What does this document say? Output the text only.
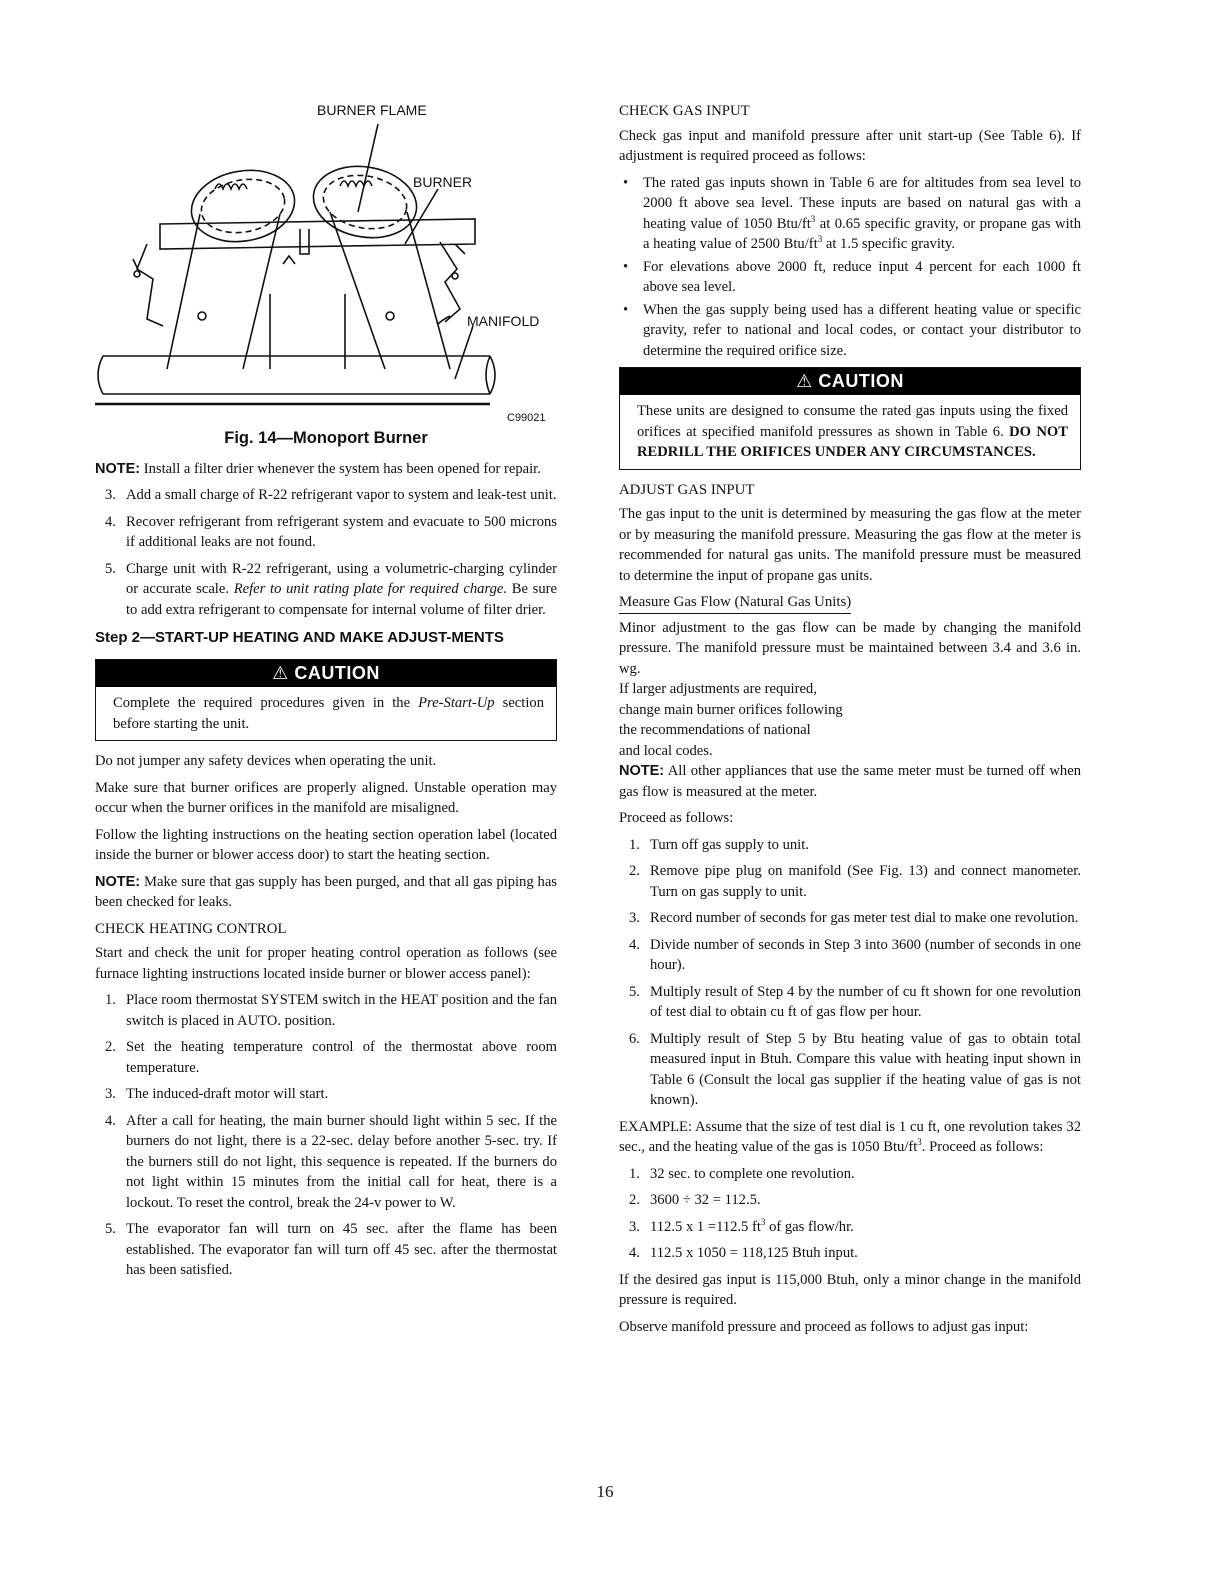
BURNER FLAME
BURNER
MANIFOLD
C99021
Fig. 14—Monoport Burner

NOTE: Install a filter drier whenever the system has been opened for repair.

3. Add a small charge of R-22 refrigerant vapor to system and leak-test unit.
4. Recover refrigerant from refrigerant system and evacuate to 500 microns if additional leaks are not found.
5. Charge unit with R-22 refrigerant, using a volumetric-charging cylinder or accurate scale. Refer to unit rating plate for required charge. Be sure to add extra refrigerant to compensate for internal volume of filter drier.
Step 2—START-UP HEATING AND MAKE ADJUST-MENTS
⚠ CAUTION
Complete the required procedures given in the Pre-Start-Up section before starting the unit.

Do not jumper any safety devices when operating the unit.

Make sure that burner orifices are properly aligned. Unstable operation may occur when the burner orifices in the manifold are misaligned.

Follow the lighting instructions on the heating section operation label (located inside the burner or blower access door) to start the heating section.

NOTE: Make sure that gas supply has been purged, and that all gas piping has been checked for leaks.

CHECK HEATING CONTROL

Start and check the unit for proper heating control operation as follows (see furnace lighting instructions located inside burner or blower access panel):

1. Place room thermostat SYSTEM switch in the HEAT position and the fan switch is placed in AUTO. position.
2. Set the heating temperature control of the thermostat above room temperature.
3. The induced-draft motor will start.
4. After a call for heating, the main burner should light within 5 sec. If the burners do not light, there is a 22-sec. delay before another 5-sec. try. If the burners still do not light, this sequence is repeated. If the burners do not light within 15 minutes from the initial call for heat, there is a lockout. To reset the control, break the 24-v power to W.
5. The evaporator fan will turn on 45 sec. after the flame has been established. The evaporator fan will turn off 45 sec. after the thermostat has been satisfied.
CHECK GAS INPUT

Check gas input and manifold pressure after unit start-up (See Table 6). If adjustment is required proceed as follows:

• The rated gas inputs shown in Table 6 are for altitudes from sea level to 2000 ft above sea level. These inputs are based on natural gas with a heating value of 1050 Btu/$ft^3$ at 0.65 specific gravity, or propane gas with a heating value of 2500 Btu/$ft^3$ at 1.5 specific gravity.
• For elevations above 2000 ft, reduce input 4 percent for each 1000 ft above sea level.
• When the gas supply being used has a different heating value or specific gravity, refer to national and local codes, or contact your distributor to determine the required orifice size.
⚠ CAUTION
These units are designed to consume the rated gas inputs using the fixed orifices at specified manifold pressures as shown in Table 6. DO NOT REDRILL THE ORIFICES UNDER ANY CIRCUMSTANCES.
ADJUST GAS INPUT

The gas input to the unit is determined by measuring the gas flow at the meter or by measuring the manifold pressure. Measuring the gas flow at the meter is recommended for natural gas units. The manifold pressure must be measured to determine the input of propane gas units.

Measure Gas Flow (Natural Gas Units)

Minor adjustment to the gas flow can be made by changing the manifold pressure. The manifold pressure must be maintained between 3.4 and 3.6 in. wg.

If larger adjustments are required,
change main burner orifices following
the recommendations of national
and local codes.

NOTE: All other appliances that use the same meter must be turned off when gas flow is measured at the meter.

Proceed as follows:

1. Turn off gas supply to unit.
2. Remove pipe plug on manifold (See Fig. 13) and connect manometer. Turn on gas supply to unit.
3. Record number of seconds for gas meter test dial to make one revolution.
4. Divide number of seconds in Step 3 into 3600 (number of seconds in one hour).
5. Multiply result of Step 4 by the number of cu ft shown for one revolution of test dial to obtain cu ft of gas flow per hour.
6. Multiply result of Step 5 by Btu heating value of gas to obtain total measured input in Btuh. Compare this value with heating input shown in Table 6 (Consult the local gas supplier if the heating value of gas is not known).

EXAMPLE: Assume that the size of test dial is 1 cu ft, one revolution takes 32 sec., and the heating value of the gas is 1050 Btu/$ft^3$. Proceed as follows:

1. 32 sec. to complete one revolution.
2. 3600 ÷ 32 = 112.5.
3. 112.5 x 1 =112.5 $ft^3$ of gas flow/hr.
4. 112.5 x 1050 = 118,125 Btuh input.

If the desired gas input is 115,000 Btuh, only a minor change in the manifold pressure is required.

Observe manifold pressure and proceed as follows to adjust gas input:

16
